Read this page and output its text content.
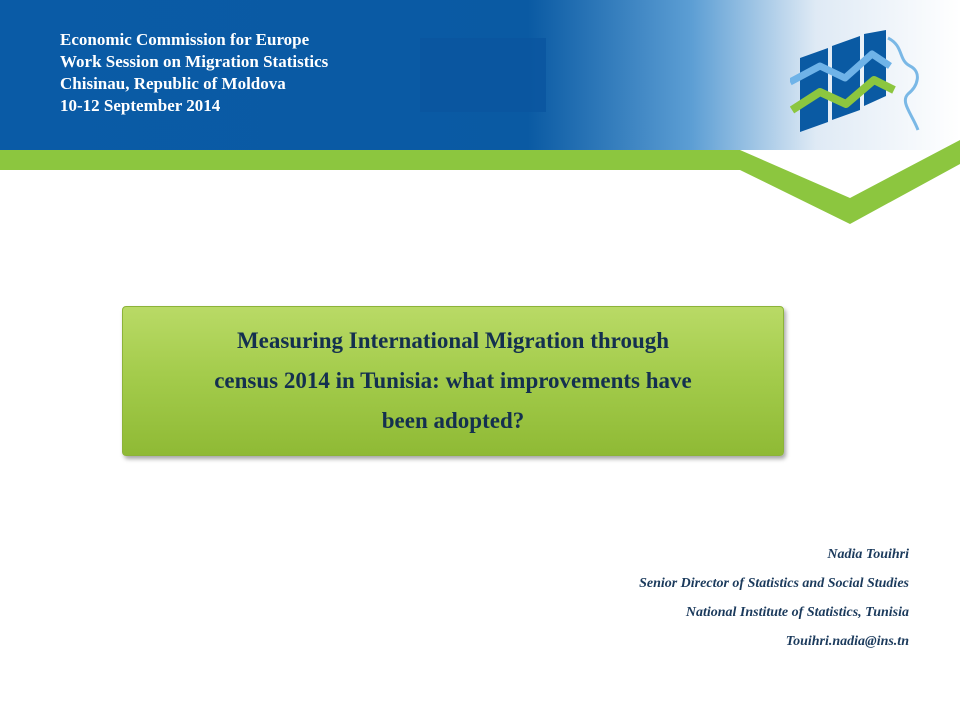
Economic Commission for Europe
Work Session on Migration Statistics
Chisinau, Republic of Moldova
10-12 September 2014
Measuring International Migration through
census 2014 in Tunisia: what improvements have
been adopted?
Nadia Touihri
Senior Director of Statistics and Social Studies
National Institute of Statistics, Tunisia
Touihri.nadia@ins.tn
